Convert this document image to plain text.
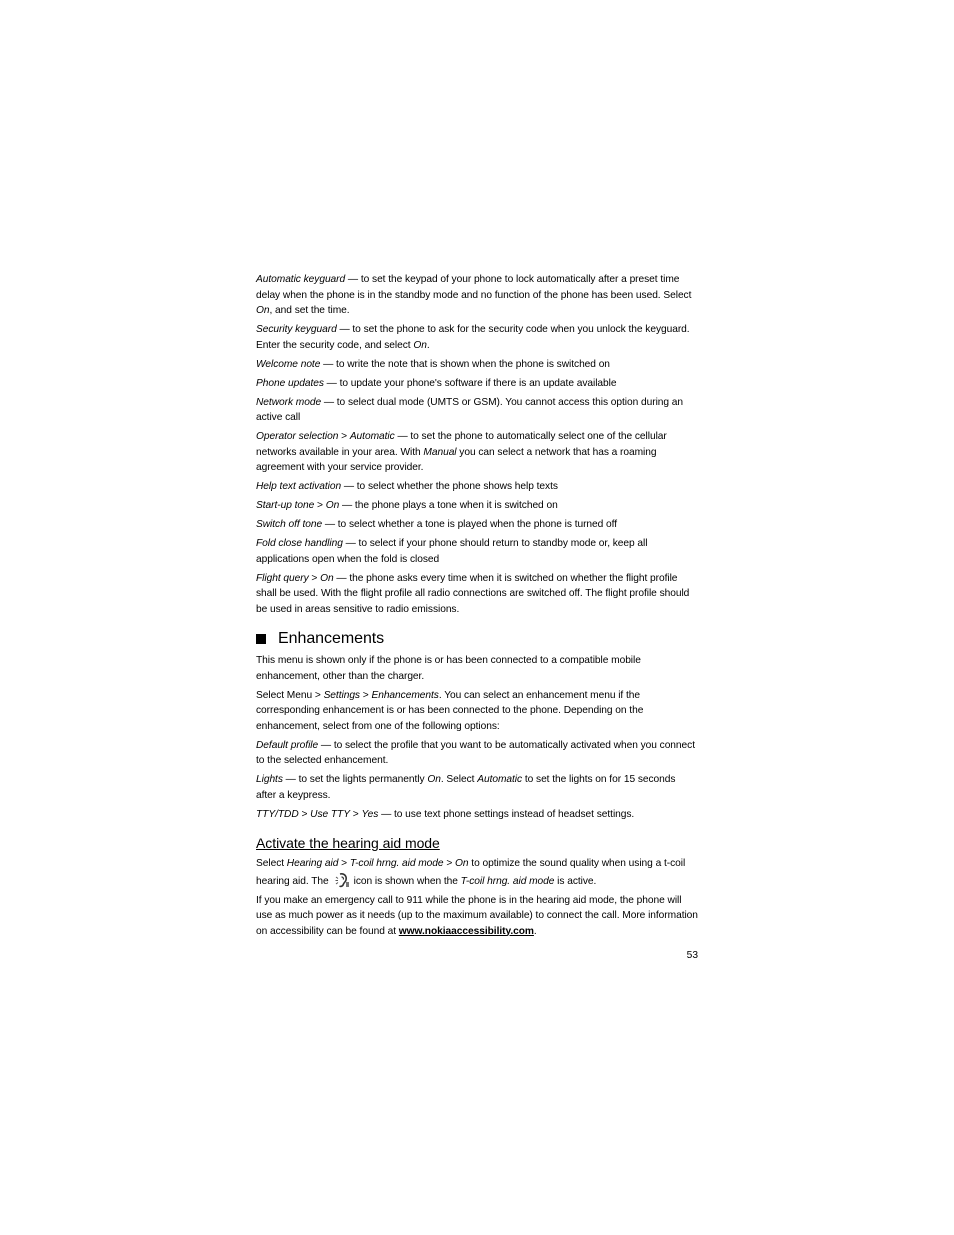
Automatic keyguard — to set the keypad of your phone to lock automatically after a preset time delay when the phone is in the standby mode and no function of the phone has been used. Select On, and set the time.

Security keyguard — to set the phone to ask for the security code when you unlock the keyguard. Enter the security code, and select On.

Welcome note — to write the note that is shown when the phone is switched on

Phone updates — to update your phone's software if there is an update available

Network mode — to select dual mode (UMTS or GSM). You cannot access this option during an active call

Operator selection > Automatic — to set the phone to automatically select one of the cellular networks available in your area. With Manual you can select a network that has a roaming agreement with your service provider.

Help text activation — to select whether the phone shows help texts

Start-up tone > On — the phone plays a tone when it is switched on

Switch off tone — to select whether a tone is played when the phone is turned off

Fold close handling — to select if your phone should return to standby mode or, keep all applications open when the fold is closed

Flight query > On — the phone asks every time when it is switched on whether the flight profile shall be used. With the flight profile all radio connections are switched off. The flight profile should be used in areas sensitive to radio emissions.

Enhancements

This menu is shown only if the phone is or has been connected to a compatible mobile enhancement, other than the charger.

Select Menu > Settings > Enhancements. You can select an enhancement menu if the corresponding enhancement is or has been connected to the phone. Depending on the enhancement, select from one of the following options:

Default profile — to select the profile that you want to be automatically activated when you connect to the selected enhancement.

Lights — to set the lights permanently On. Select Automatic to set the lights on for 15 seconds after a keypress.

TTY/TDD > Use TTY > Yes — to use text phone settings instead of headset settings.

Activate the hearing aid mode

Select Hearing aid > T-coil hrng. aid mode > On to optimize the sound quality when using a t-coil hearing aid. The icon is shown when the T-coil hrng. aid mode is active.

If you make an emergency call to 911 while the phone is in the hearing aid mode, the phone will use as much power as it needs (up to the maximum available) to connect the call. More information on accessibility can be found at www.nokiaaccessibility.com.

53
